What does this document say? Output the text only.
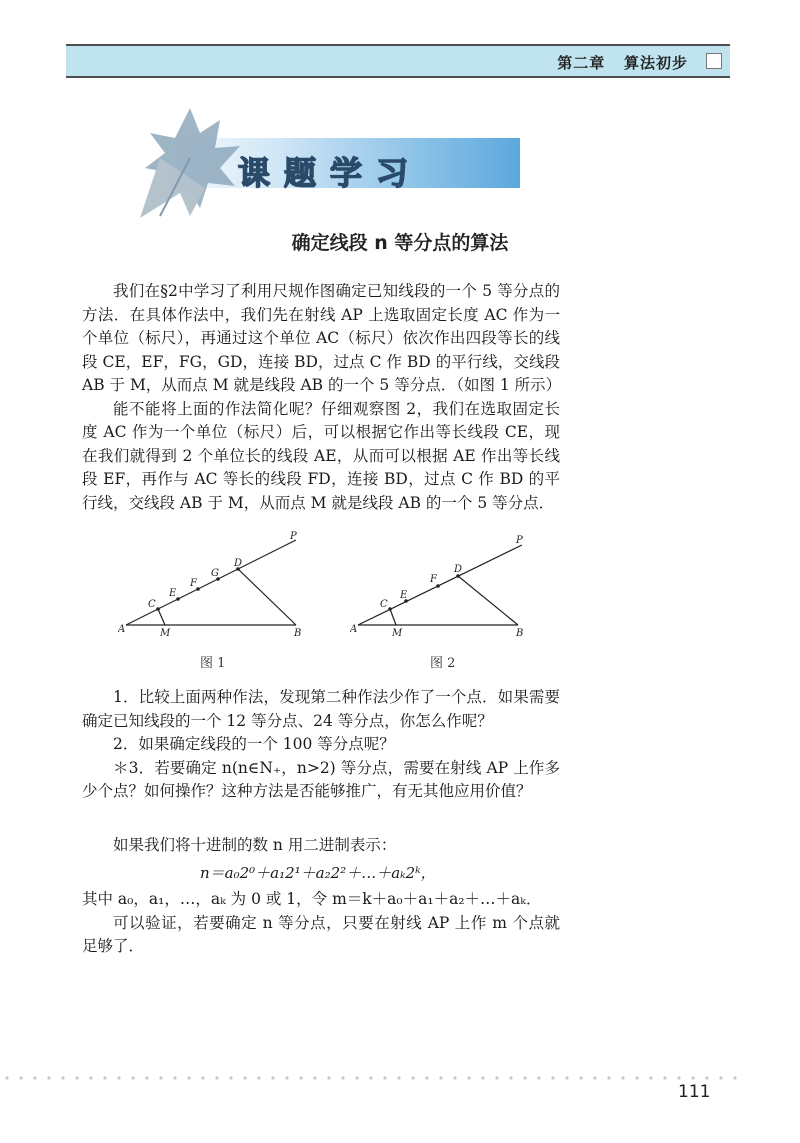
第二章 算法初步
课题学习
确定线段 n 等分点的算法

我们在§2中学习了利用尺规作图确定已知线段的一个 5 等分点的方法．在具体作法中，我们先在射线 AP 上选取固定长度 AC 作为一个单位（标尺），再通过这个单位 AC（标尺）依次作出四段等长的线段 CE，EF，FG，GD，连接 BD，过点 C 作 BD 的平行线，交线段 AB 于 M，从而点 M 就是线段 AB 的一个 5 等分点．（如图 1 所示）

能不能将上面的作法简化呢？仔细观察图 2，我们在选取固定长度 AC 作为一个单位（标尺）后，可以根据它作出等长线段 CE，现在我们就得到 2 个单位长的线段 AE，从而可以根据 AE 作出等长线段 EF，再作与 AC 等长的线段 FD，连接 BD，过点 C 作 BD 的平行线，交线段 AB 于 M，从而点 M 就是线段 AB 的一个 5 等分点．

A
C
E
F
G
D
P
M	B	A
C
E
F
D
P
M	B
图 1	图 2

1．比较上面两种作法，发现第二种作法少作了一个点．如果需要确定已知线段的一个 12 等分点、24 等分点，你怎么作呢？

2．如果确定线段的一个 100 等分点呢？

＊3．若要确定 n(n∈N₊，n>2) 等分点，需要在射线 AP 上作多少个点？如何操作？这种方法是否能够推广，有无其他应用价值？

如果我们将十进制的数 n 用二进制表示：

n＝a₀2⁰＋a₁2¹＋a₂2²＋…＋aₖ2ᵏ，

其中 a₀，a₁，…，aₖ 为 0 或 1，令 m＝k＋a₀＋a₁＋a₂＋…＋aₖ．

可以验证，若要确定 n 等分点，只要在射线 AP 上作 m 个点就足够了．

111
